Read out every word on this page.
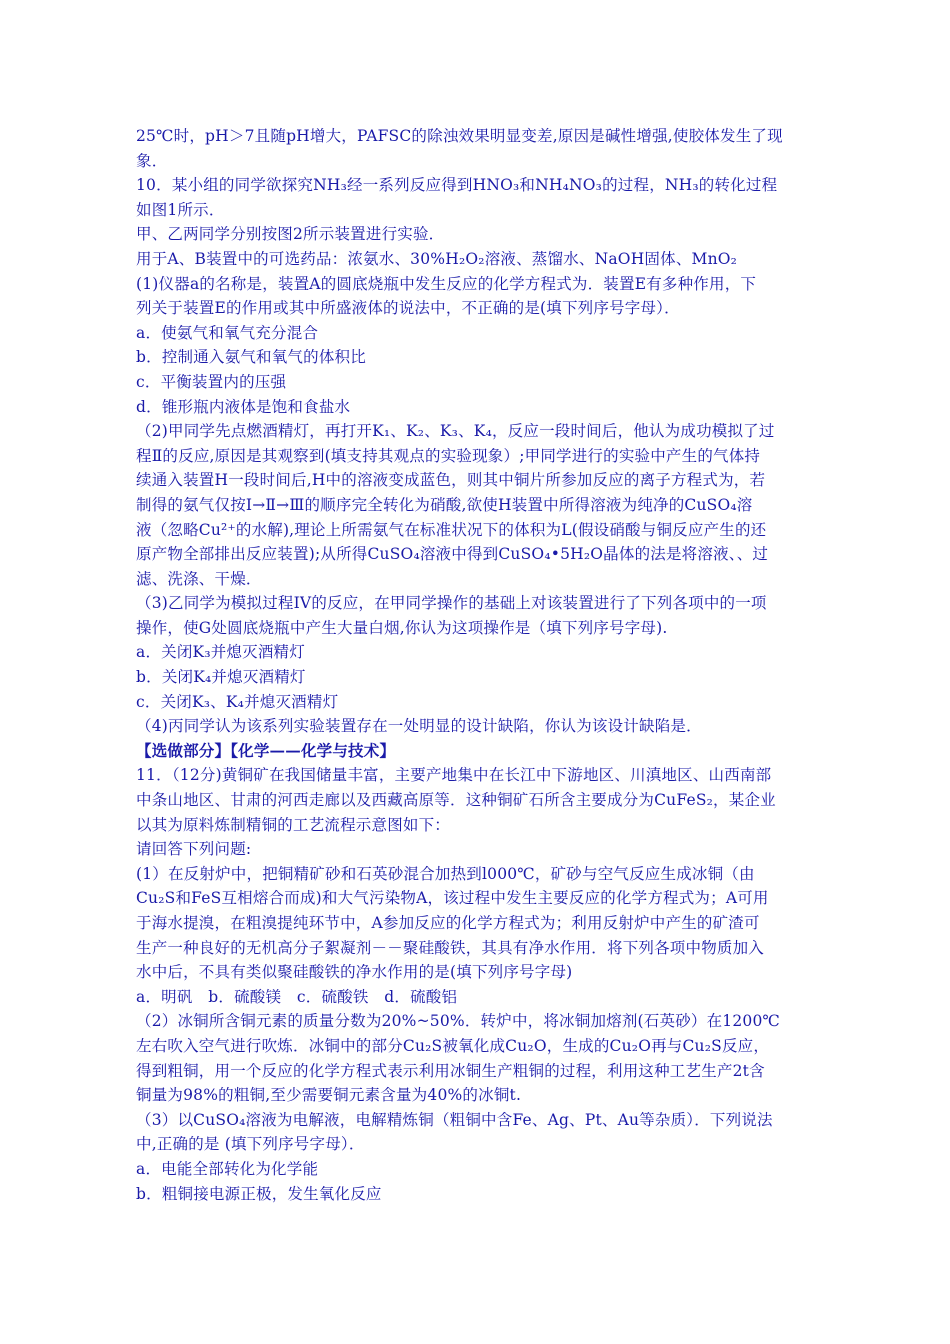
25℃时，pH＞7且随pH增大，PAFSC的除浊效果明显变差,原因是碱性增强,使胶体发生了现
象．
10．某小组的同学欲探究NH₃经一系列反应得到HNO₃和NH₄NO₃的过程，NH₃的转化过程
如图1所示．
甲、乙两同学分别按图2所示装置进行实验．
用于A、B装置中的可选药品：浓氨水、30%H₂O₂溶液、蒸馏水、NaOH固体、MnO₂
(1)仪器a的名称是，装置A的圆底烧瓶中发生反应的化学方程式为．装置E有多种作用，下
列关于装置E的作用或其中所盛液体的说法中，不正确的是(填下列序号字母）．
a．使氨气和氧气充分混合
b．控制通入氨气和氧气的体积比
c．平衡装置内的压强
d．锥形瓶内液体是饱和食盐水
（2)甲同学先点燃酒精灯，再打开K₁、K₂、K₃、K₄，反应一段时间后，他认为成功模拟了过
程Ⅱ的反应,原因是其观察到(填支持其观点的实验现象）;甲同学进行的实验中产生的气体持
续通入装置H一段时间后,H中的溶液变成蓝色，则其中铜片所参加反应的离子方程式为，若
制得的氨气仅按Ⅰ→Ⅱ→Ⅲ的顺序完全转化为硝酸,欲使H装置中所得溶液为纯净的CuSO₄溶
液（忽略Cu²⁺的水解),理论上所需氨气在标准状况下的体积为L(假设硝酸与铜反应产生的还
原产物全部排出反应装置);从所得CuSO₄溶液中得到CuSO₄•5H₂O晶体的法是将溶液、、过
滤、洗涤、干燥．
（3)乙同学为模拟过程IV的反应，在甲同学操作的基础上对该装置进行了下列各项中的一项
操作，使G处圆底烧瓶中产生大量白烟,你认为这项操作是（填下列序号字母).
a．关闭K₃并熄灭酒精灯
b．关闭K₄并熄灭酒精灯
c．关闭K₃、K₄并熄灭酒精灯
（4)丙同学认为该系列实验装置存在一处明显的设计缺陷，你认为该设计缺陷是．
【选做部分】【化学——化学与技术】
11．（12分)黄铜矿在我国储量丰富，主要产地集中在长江中下游地区、川滇地区、山西南部
中条山地区、甘肃的河西走廊以及西藏高原等．这种铜矿石所含主要成分为CuFeS₂，某企业
以其为原料炼制精铜的工艺流程示意图如下：
请回答下列问题:
(1）在反射炉中，把铜精矿砂和石英砂混合加热到l000℃，矿砂与空气反应生成冰铜（由
Cu₂S和FeS互相熔合而成)和大气污染物A，该过程中发生主要反应的化学方程式为；A可用
于海水提溴，在粗溴提纯环节中，A参加反应的化学方程式为；利用反射炉中产生的矿渣可
生产一种良好的无机高分子絮凝剂－－聚硅酸铁，其具有净水作用．将下列各项中物质加入
水中后，不具有类似聚硅酸铁的净水作用的是(填下列序号字母)
a．明矾　b．硫酸镁　c．硫酸铁　d．硫酸铝
（2）冰铜所含铜元素的质量分数为20%~50%．转炉中，将冰铜加熔剂(石英砂）在1200℃
左右吹入空气进行吹炼．冰铜中的部分Cu₂S被氧化成Cu₂O，生成的Cu₂O再与Cu₂S反应，
得到粗铜，用一个反应的化学方程式表示利用冰铜生产粗铜的过程，利用这种工艺生产2t含
铜量为98%的粗铜,至少需要铜元素含量为40%的冰铜t.
（3）以CuSO₄溶液为电解液，电解精炼铜（粗铜中含Fe、Ag、Pt、Au等杂质）．下列说法
中,正确的是 (填下列序号字母）．
a．电能全部转化为化学能
b．粗铜接电源正极，发生氧化反应
